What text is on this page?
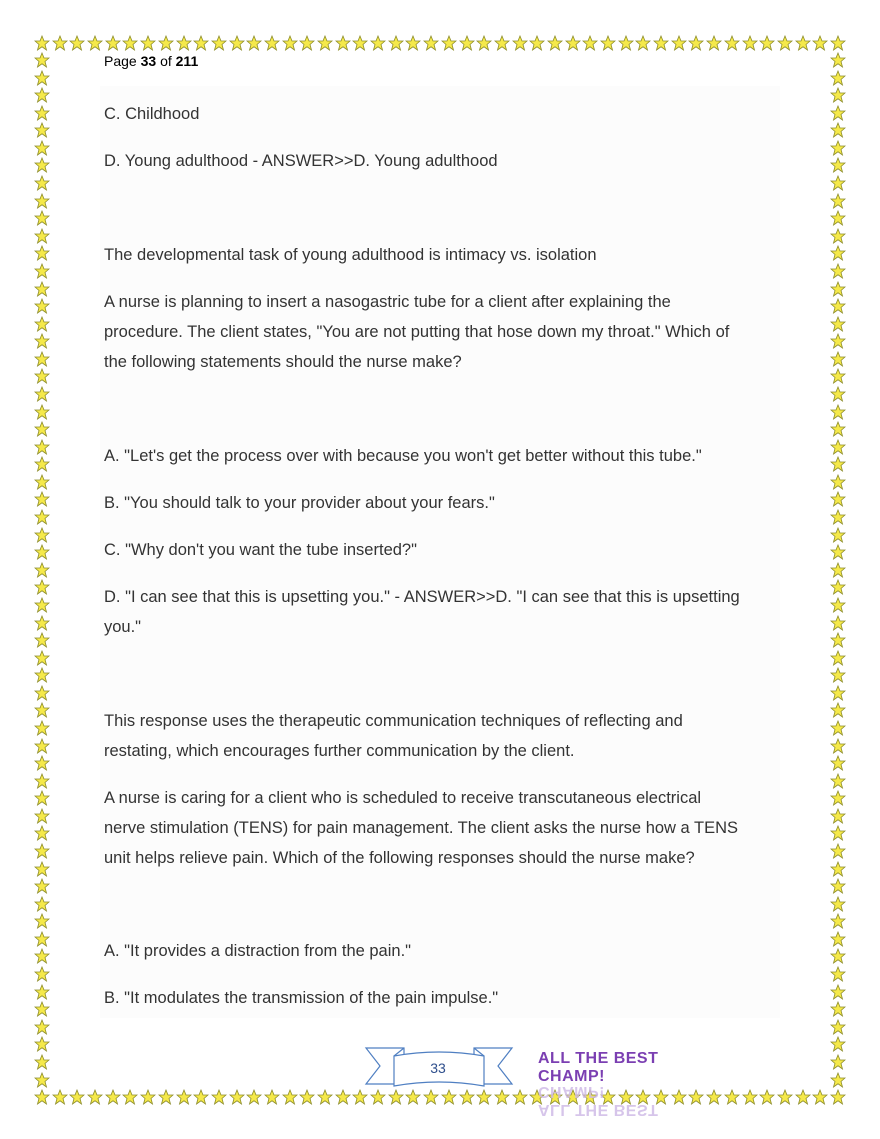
Page 33 of 211
C. Childhood
D. Young adulthood - ANSWER>>D. Young adulthood
The developmental task of young adulthood is intimacy vs. isolation
A nurse is planning to insert a nasogastric tube for a client after explaining the
procedure. The client states, "You are not putting that hose down my throat." Which of
the following statements should the nurse make?
A. "Let's get the process over with because you won't get better without this tube."
B. "You should talk to your provider about your fears."
C. "Why don't you want the tube inserted?"
D. "I can see that this is upsetting you." - ANSWER>>D. "I can see that this is upsetting
you."
This response uses the therapeutic communication techniques of reflecting and
restating, which encourages further communication by the client.
A nurse is caring for a client who is scheduled to receive transcutaneous electrical
nerve stimulation (TENS) for pain management. The client asks the nurse how a TENS
unit helps relieve pain. Which of the following responses should the nurse make?
A. "It provides a distraction from the pain."
B. "It modulates the transmission of the pain impulse."
33
ALL THE BEST CHAMP!
ALL THE BEST CHAMP!
